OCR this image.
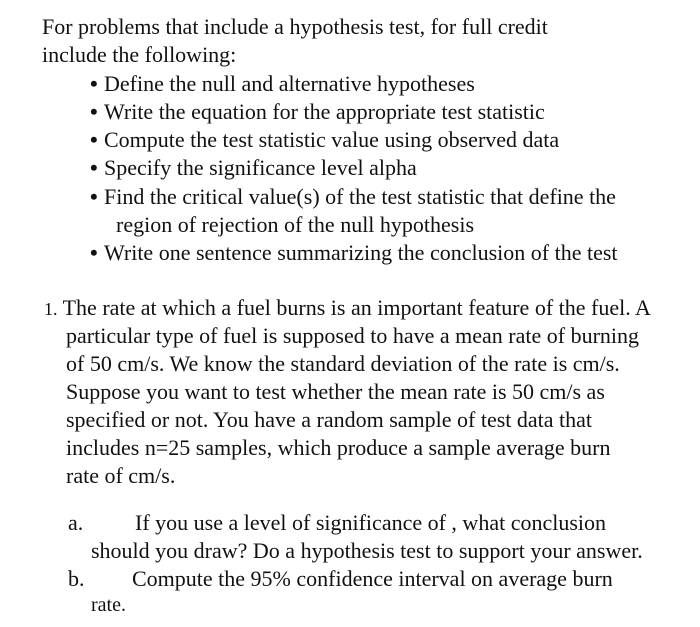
For problems that include a hypothesis test, for full credit
include the following:
• Define the null and alternative hypotheses
• Write the equation for the appropriate test statistic
• Compute the test statistic value using observed data
• Specify the significance level alpha
• Find the critical value(s) of the test statistic that define the
region of rejection of the null hypothesis
• Write one sentence summarizing the conclusion of the test
1. The rate at which a fuel burns is an important feature of the fuel. A
particular type of fuel is supposed to have a mean rate of burning
of 50 cm/s. We know the standard deviation of the rate is cm/s.
Suppose you want to test whether the mean rate is 50 cm/s as
specified or not. You have a random sample of test data that
includes n=25 samples, which produce a sample average burn
rate of cm/s.
a. If you use a level of significance of , what conclusion
should you draw? Do a hypothesis test to support your answer.
b. Compute the 95% confidence interval on average burn
rate.
